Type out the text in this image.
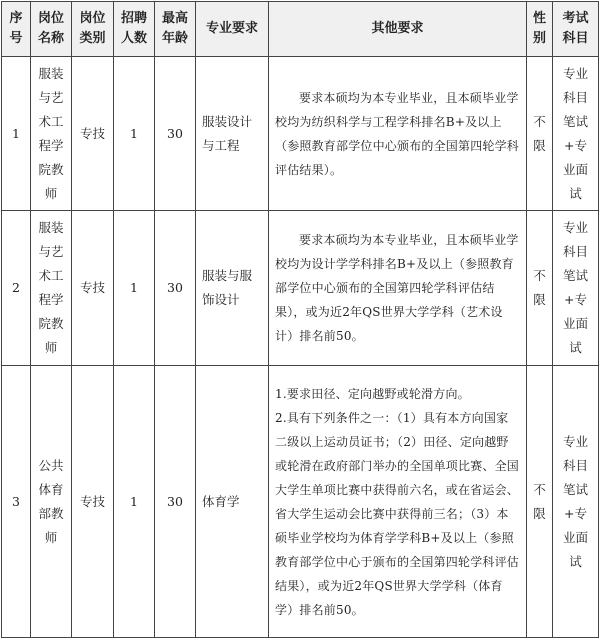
序号	岗位名称	岗位类别	招聘人数	最高年龄	专业要求	其他要求	性别	考试科目
1	服装与艺术工程学院教师	专技	1	30	服装设计与工程	要求本硕均为本专业毕业，且本硕毕业学校均为纺织科学与工程学科排名B+及以上（参照教育部学位中心颁布的全国第四轮学科评估结果）。	不限	专业科目笔试+专业面试
2	服装与艺术工程学院教师	专技	1	30	服装与服饰设计	要求本硕均为本专业毕业，且本硕毕业学校均为设计学学科排名B+及以上（参照教育部学位中心颁布的全国第四轮学科评估结果），或为近2年QS世界大学学科（艺术设计）排名前50。	不限	专业科目笔试+专业面试
3	公共体育部教师	专技	1	30	体育学	1.要求田径、定向越野或轮滑方向。
2.具有下列条件之一：（1）具有本方向国家二级以上运动员证书；（2）田径、定向越野或轮滑在政府部门举办的全国单项比赛、全国大学生单项比赛中获得前六名，或在省运会、省大学生运动会比赛中获得前三名；（3）本硕毕业学校均为体育学学科B+及以上（参照教育部学位中心于颁布的全国第四轮学科评估结果），或为近2年QS世界大学学科（体育学）排名前50。	不限	专业科目笔试+专业面试
